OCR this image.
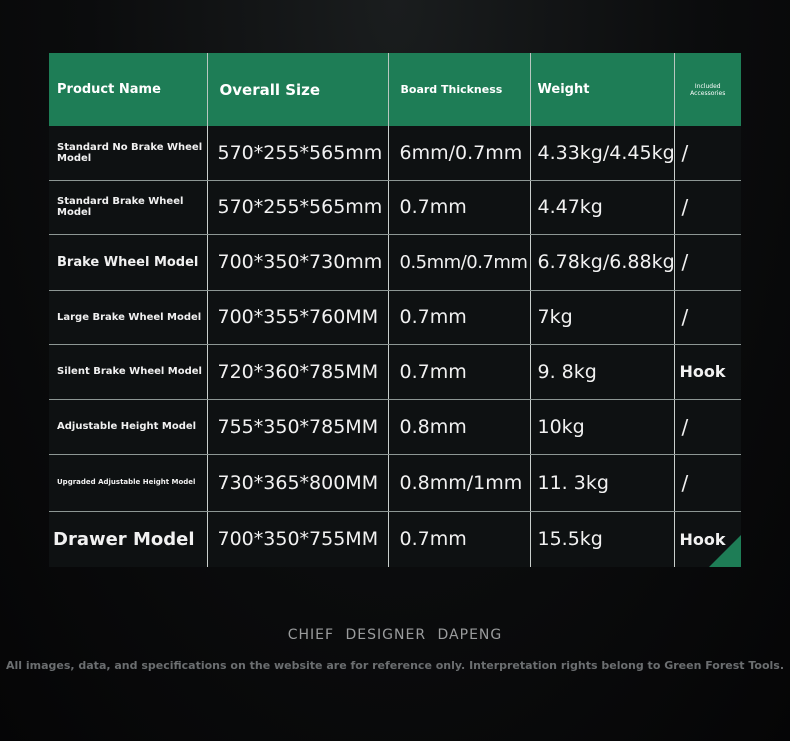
Product Name	Overall Size	Board Thickness	Weight	Included
Accessories
Standard No Brake Wheel Model	570*255*565mm	6mm/0.7mm	4.33kg/4.45kg	/
Standard Brake Wheel Model	570*255*565mm	0.7mm	4.47kg	/
Brake Wheel Model	700*350*730mm	0.5mm/0.7mm	6.78kg/6.88kg	/
Large Brake Wheel Model	700*355*760MM	0.7mm	7kg	/
Silent Brake Wheel Model	720*360*785MM	0.7mm	9. 8kg	Hook
Adjustable Height Model	755*350*785MM	0.8mm	10kg	/
Upgraded Adjustable Height Model	730*365*800MM	0.8mm/1mm	11. 3kg	/
Drawer Model	700*350*755MM	0.7mm	15.5kg	Hook
CHIEF DESIGNER DAPENG
All images, data, and specifications on the website are for reference only. Interpretation rights belong to Green Forest Tools.
